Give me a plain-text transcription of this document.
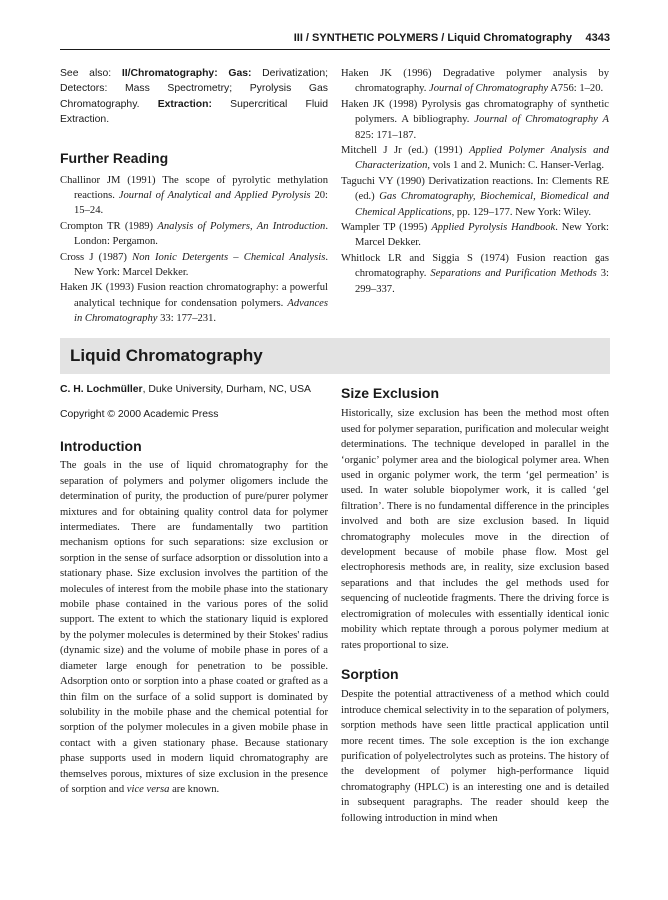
III / SYNTHETIC POLYMERS / Liquid Chromatography 4343

See also: II/Chromatography: Gas: Derivatization; Detectors: Mass Spectrometry; Pyrolysis Gas Chromatography. Extraction: Supercritical Fluid Extraction.

Further Reading

Challinor JM (1991) The scope of pyrolytic methylation reactions. Journal of Analytical and Applied Pyrolysis 20: 15–24.

Crompton TR (1989) Analysis of Polymers, An Introduction. London: Pergamon.

Cross J (1987) Non Ionic Detergents – Chemical Analysis. New York: Marcel Dekker.

Haken JK (1993) Fusion reaction chromatography: a powerful analytical technique for condensation polymers. Advances in Chromatography 33: 177–231.

Haken JK (1996) Degradative polymer analysis by chromatography. Journal of Chromatography A756: 1–20.

Haken JK (1998) Pyrolysis gas chromatography of synthetic polymers. A bibliography. Journal of Chromatography A 825: 171–187.

Mitchell J Jr (ed.) (1991) Applied Polymer Analysis and Characterization, vols 1 and 2. Munich: C. Hanser-Verlag.

Taguchi VY (1990) Derivatization reactions. In: Clements RE (ed.) Gas Chromatography, Biochemical, Biomedical and Chemical Applications, pp. 129–177. New York: Wiley.

Wampler TP (1995) Applied Pyrolysis Handbook. New York: Marcel Dekker.

Whitlock LR and Siggia S (1974) Fusion reaction gas chromatography. Separations and Purification Methods 3: 299–337.

Liquid Chromatography

C. H. Lochmüller, Duke University, Durham, NC, USA

Copyright © 2000 Academic Press

Introduction

The goals in the use of liquid chromatography for the separation of polymers and polymer oligomers include the determination of purity, the production of pure/purer polymer mixtures and for obtaining quality control data for polymer intermediates. There are fundamentally two partition mechanism options for such separations: size exclusion or sorption in the sense of surface adsorption or dissolution into a stationary phase. Size exclusion involves the partition of the molecules of interest from the mobile phase into the stationary mobile phase contained in the various pores of the solid support. The extent to which the stationary liquid is explored by the polymer molecules is determined by their Stokes' radius (dynamic size) and the volume of mobile phase in pores of a diameter large enough for penetration to be possible. Adsorption onto or sorption into a phase coated or grafted as a thin film on the surface of a solid support is dominated by solubility in the mobile phase and the chemical potential for sorption of the polymer molecules in a given mobile phase in contact with a given stationary phase. Because stationary phase supports used in modern liquid chromatography are themselves porous, mixtures of size exclusion in the presence of sorption and vice versa are known.

Size Exclusion

Historically, size exclusion has been the method most often used for polymer separation, purification and molecular weight determinations. The technique developed in parallel in the ‘organic’ polymer area and the biological polymer area. When used in organic polymer work, the term ‘gel permeation’ is used. In water soluble biopolymer work, it is called ‘gel filtration’. There is no fundamental difference in the principles involved and both are size exclusion based. In liquid chromatography molecules move in the direction of development because of mobile phase flow. Most gel electrophoresis methods are, in reality, size exclusion based separations and that includes the gel methods used for sequencing of nucleotide fragments. There the driving force is electromigration of molecules with essentially identical ionic mobility which reptate through a porous polymer medium at rates proportional to size.

Sorption

Despite the potential attractiveness of a method which could introduce chemical selectivity in to the separation of polymers, sorption methods have seen little practical application until more recent times. The sole exception is the ion exchange purification of polyelectrolytes such as proteins. The history of the development of polymer high-performance liquid chromatography (HPLC) is an interesting one and is detailed in subsequent paragraphs. The reader should keep the following introduction in mind when
